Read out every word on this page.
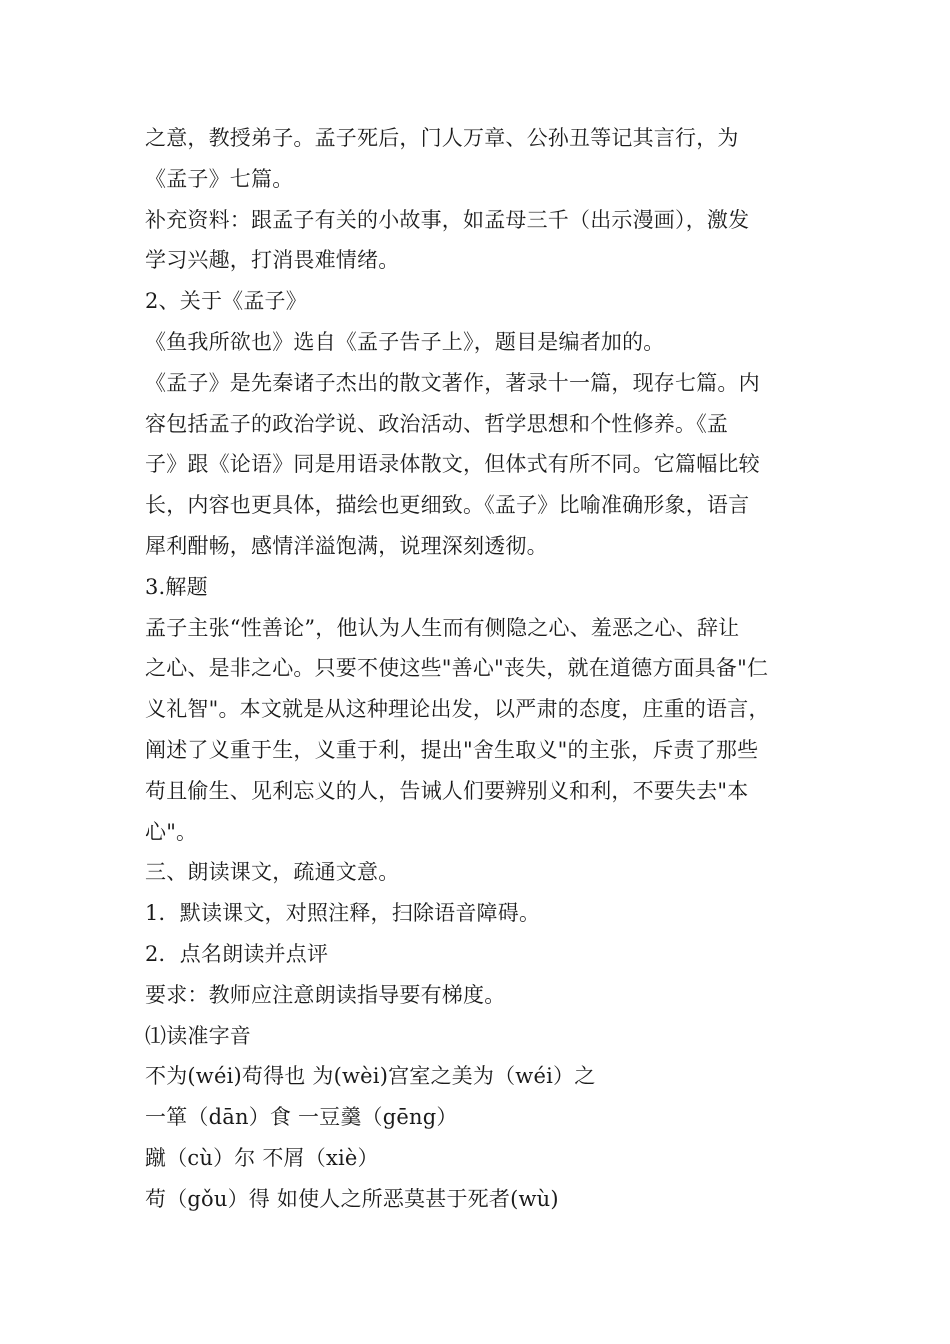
之意，教授弟子。孟子死后，门人万章、公孙丑等记其言行，为
《孟子》七篇。
补充资料：跟孟子有关的小故事，如孟母三千（出示漫画），激发
学习兴趣，打消畏难情绪。
2、关于《孟子》
《鱼我所欲也》选自《孟子告子上》，题目是编者加的。
《孟子》是先秦诸子杰出的散文著作，著录十一篇，现存七篇。内
容包括孟子的政治学说、政治活动、哲学思想和个性修养。《孟
子》跟《论语》同是用语录体散文，但体式有所不同。它篇幅比较
长，内容也更具体，描绘也更细致。《孟子》比喻准确形象，语言
犀利酣畅，感情洋溢饱满，说理深刻透彻。
3.解题
孟子主张“性善论”，他认为人生而有侧隐之心、羞恶之心、辞让
之心、是非之心。只要不使这些"善心"丧失，就在道德方面具备"仁
义礼智"。本文就是从这种理论出发，以严肃的态度，庄重的语言，
阐述了义重于生，义重于利，提出"舍生取义"的主张，斥责了那些
苟且偷生、见利忘义的人，告诫人们要辨别义和利，不要失去"本
心"。
三、朗读课文，疏通文意。
1．默读课文，对照注释，扫除语音障碍。
2．点名朗读并点评
要求：教师应注意朗读指导要有梯度。
⑴读准字音
不为(wéi)苟得也 为(wèi)宫室之美为（wéi）之
一箪（dān）食 一豆羹（gēng）
蹴（cù）尔 不屑（xiè）
苟（gǒu）得 如使人之所恶莫甚于死者(wù)
